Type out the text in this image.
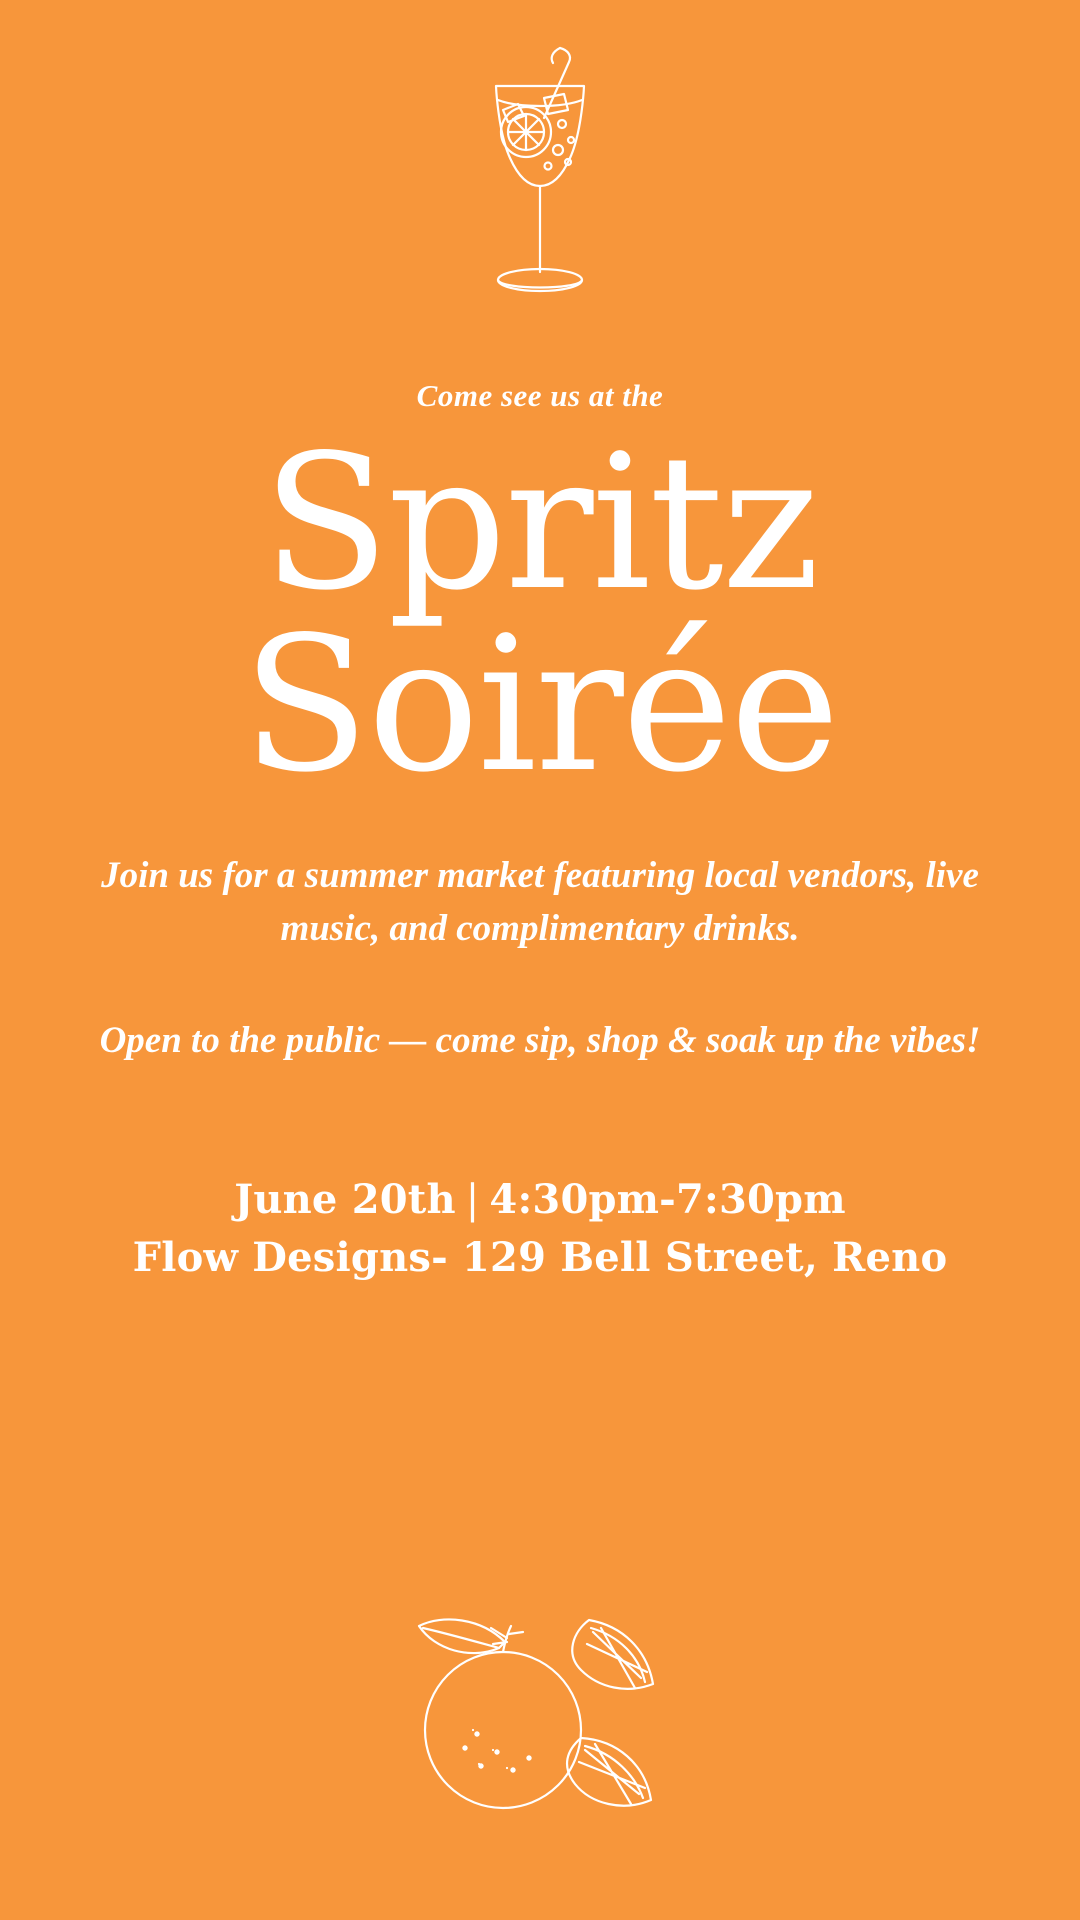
Come see us at the
Spritz
Soirée
Join us for a summer market featuring local vendors, live music, and complimentary drinks.
Open to the public — come sip, shop & soak up the vibes!
June 20th | 4:30pm-7:30pm
Flow Designs- 129 Bell Street, Reno
